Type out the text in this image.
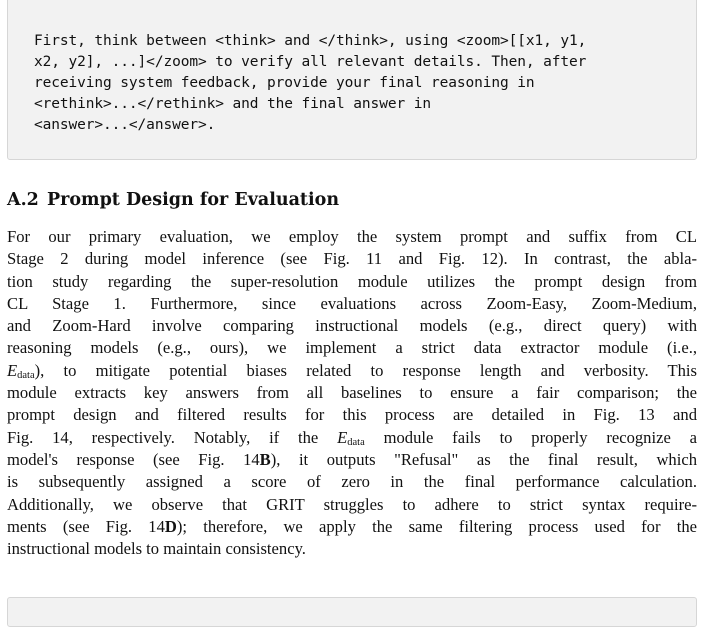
First, think between <think> and </think>, using <zoom>[[x1, y1,
x2, y2], ...]</zoom> to verify all relevant details. Then, after
receiving system feedback, provide your final reasoning in
<rethink>...</rethink> and the final answer in
<answer>...</answer>.
A.2 Prompt Design for Evaluation
For our primary evaluation, we employ the system prompt and suffix from CL
Stage 2 during model inference (see Fig. 11 and Fig. 12). In contrast, the abla-
tion study regarding the super-resolution module utilizes the prompt design from
CL Stage 1. Furthermore, since evaluations across Zoom-Easy, Zoom-Medium,
and Zoom-Hard involve comparing instructional models (e.g., direct query) with
reasoning models (e.g., ours), we implement a strict data extractor module (i.e.,
$E_{data}$), to mitigate potential biases related to response length and verbosity. This
module extracts key answers from all baselines to ensure a fair comparison; the
prompt design and filtered results for this process are detailed in Fig. 13 and
Fig. 14, respectively. Notably, if the $E_{data}$ module fails to properly recognize a
model's response (see Fig. 14B), it outputs "Refusal" as the final result, which
is subsequently assigned a score of zero in the final performance calculation.
Additionally, we observe that GRIT struggles to adhere to strict syntax require-
ments (see Fig. 14D); therefore, we apply the same filtering process used for the
instructional models to maintain consistency.
